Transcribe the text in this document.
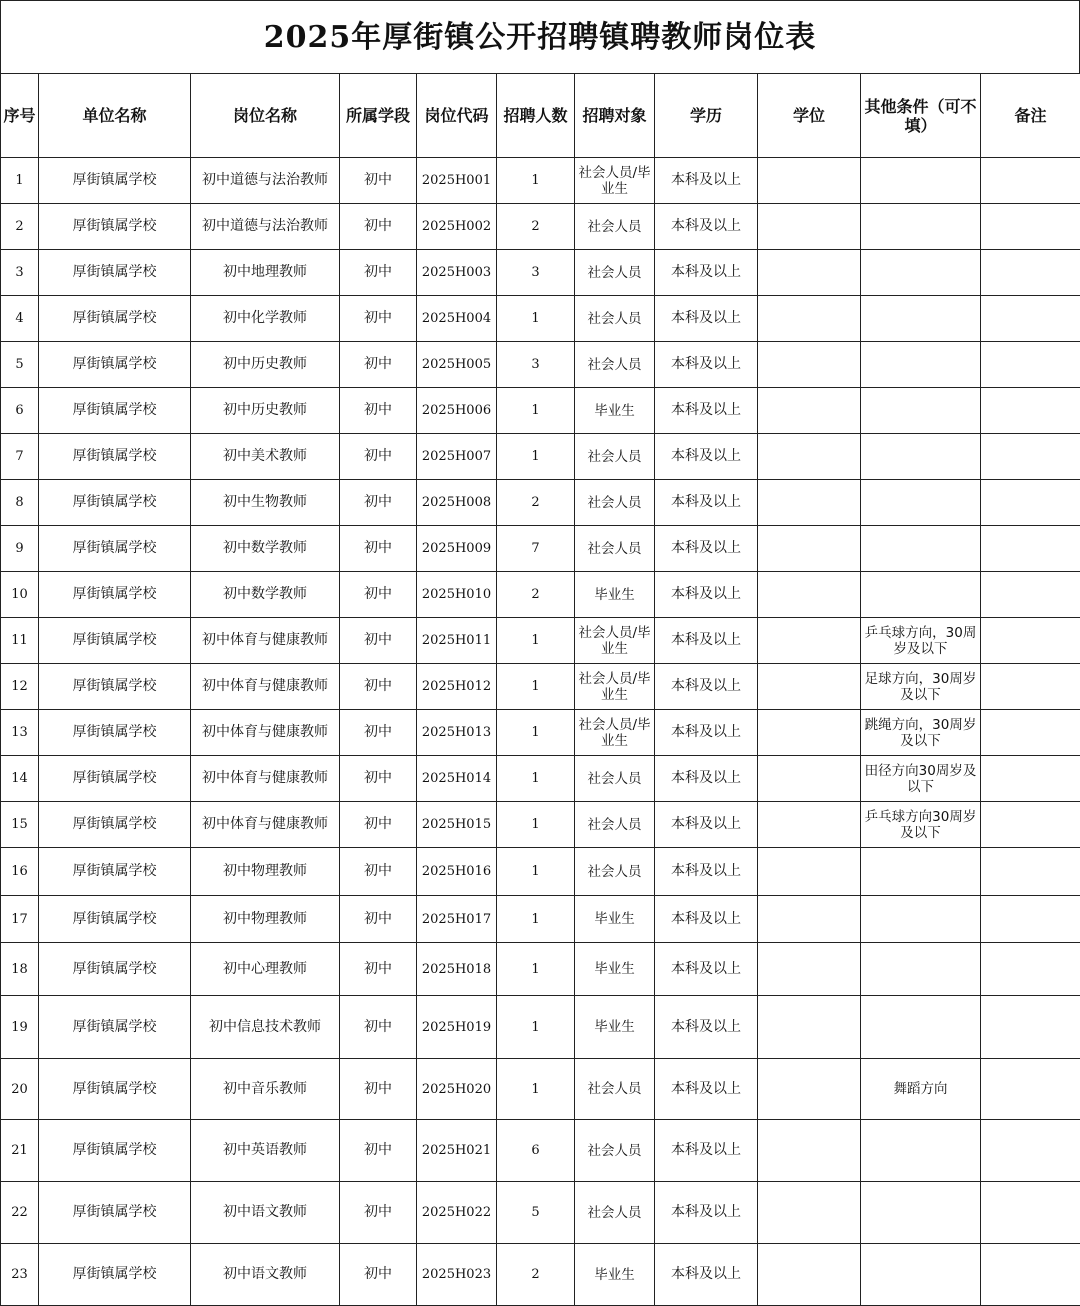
2025年厚街镇公开招聘镇聘教师岗位表
序号	单位名称	岗位名称	所属学段	岗位代码	招聘人数	招聘对象	学历	学位	其他条件（可不填）	备注
1	厚街镇属学校	初中道德与法治教师	初中	2025H001	1	社会人员/毕业生	本科及以上			
2	厚街镇属学校	初中道德与法治教师	初中	2025H002	2	社会人员	本科及以上			
3	厚街镇属学校	初中地理教师	初中	2025H003	3	社会人员	本科及以上			
4	厚街镇属学校	初中化学教师	初中	2025H004	1	社会人员	本科及以上			
5	厚街镇属学校	初中历史教师	初中	2025H005	3	社会人员	本科及以上			
6	厚街镇属学校	初中历史教师	初中	2025H006	1	毕业生	本科及以上			
7	厚街镇属学校	初中美术教师	初中	2025H007	1	社会人员	本科及以上			
8	厚街镇属学校	初中生物教师	初中	2025H008	2	社会人员	本科及以上			
9	厚街镇属学校	初中数学教师	初中	2025H009	7	社会人员	本科及以上			
10	厚街镇属学校	初中数学教师	初中	2025H010	2	毕业生	本科及以上			
11	厚街镇属学校	初中体育与健康教师	初中	2025H011	1	社会人员/毕业生	本科及以上		乒乓球方向，30周岁及以下	
12	厚街镇属学校	初中体育与健康教师	初中	2025H012	1	社会人员/毕业生	本科及以上		足球方向，30周岁及以下	
13	厚街镇属学校	初中体育与健康教师	初中	2025H013	1	社会人员/毕业生	本科及以上		跳绳方向，30周岁及以下	
14	厚街镇属学校	初中体育与健康教师	初中	2025H014	1	社会人员	本科及以上		田径方向30周岁及以下	
15	厚街镇属学校	初中体育与健康教师	初中	2025H015	1	社会人员	本科及以上		乒乓球方向30周岁及以下	
16	厚街镇属学校	初中物理教师	初中	2025H016	1	社会人员	本科及以上			
17	厚街镇属学校	初中物理教师	初中	2025H017	1	毕业生	本科及以上			
18	厚街镇属学校	初中心理教师	初中	2025H018	1	毕业生	本科及以上			
19	厚街镇属学校	初中信息技术教师	初中	2025H019	1	毕业生	本科及以上			
20	厚街镇属学校	初中音乐教师	初中	2025H020	1	社会人员	本科及以上		舞蹈方向	
21	厚街镇属学校	初中英语教师	初中	2025H021	6	社会人员	本科及以上			
22	厚街镇属学校	初中语文教师	初中	2025H022	5	社会人员	本科及以上			
23	厚街镇属学校	初中语文教师	初中	2025H023	2	毕业生	本科及以上			
